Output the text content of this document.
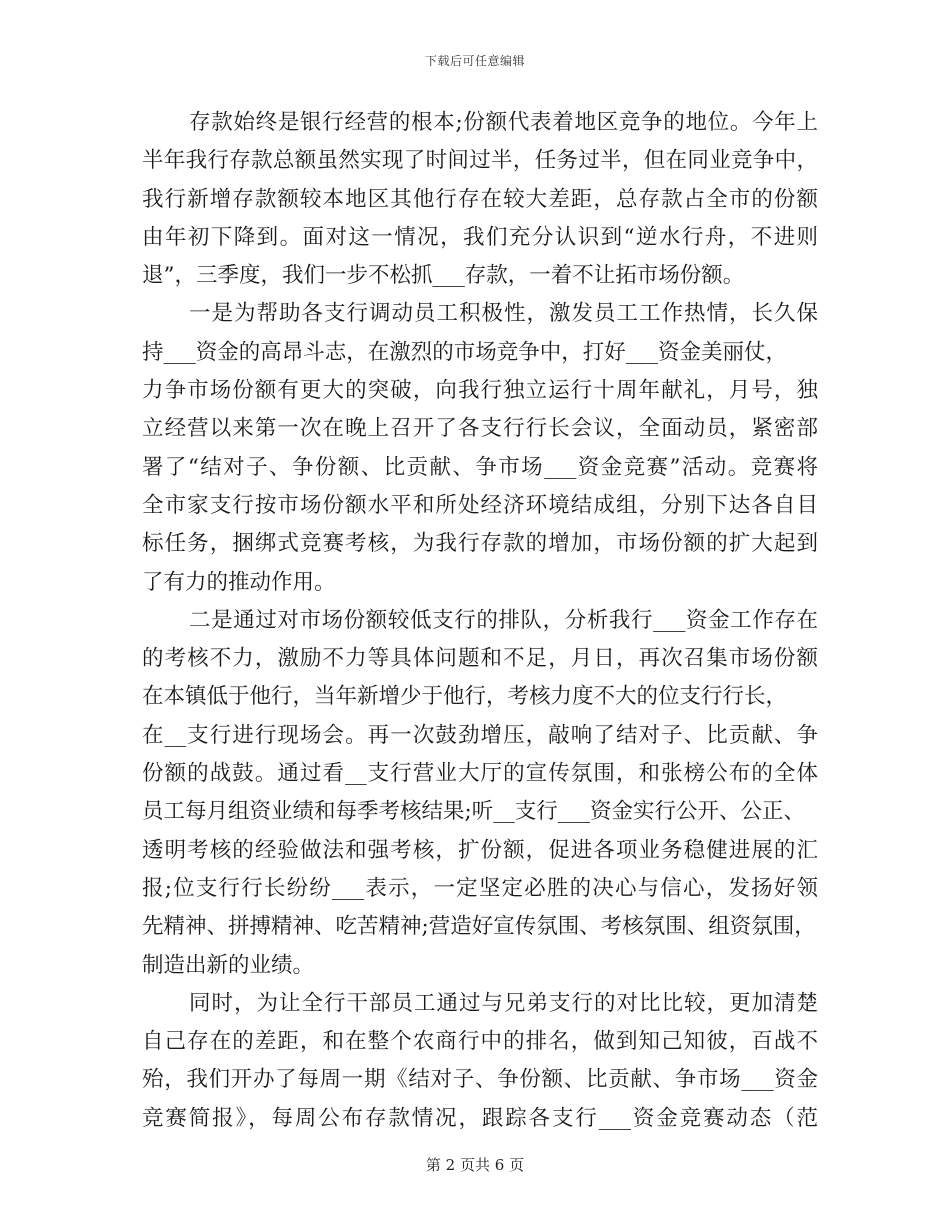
下载后可任意编辑
存款始终是银行经营的根本;份额代表着地区竞争的地位。今年上
半年我行存款总额虽然实现了时间过半，任务过半，但在同业竞争中，
我行新增存款额较本地区其他行存在较大差距，总存款占全市的份额
由年初下降到。面对这一情况，我们充分认识到“逆水行舟，不进则
退”，三季度，我们一步不松抓___存款，一着不让拓市场份额。
一是为帮助各支行调动员工积极性，激发员工工作热情，长久保
持___资金的高昂斗志，在激烈的市场竞争中，打好___资金美丽仗，
力争市场份额有更大的突破，向我行独立运行十周年献礼，月号，独
立经营以来第一次在晚上召开了各支行行长会议，全面动员，紧密部
署了“结对子、争份额、比贡献、争市场___资金竞赛”活动。竞赛将
全市家支行按市场份额水平和所处经济环境结成组，分别下达各自目
标任务，捆绑式竞赛考核，为我行存款的增加，市场份额的扩大起到
了有力的推动作用。
二是通过对市场份额较低支行的排队，分析我行___资金工作存在
的考核不力，激励不力等具体问题和不足，月日，再次召集市场份额
在本镇低于他行，当年新增少于他行，考核力度不大的位支行行长，
在__支行进行现场会。再一次鼓劲增压，敲响了结对子、比贡献、争
份额的战鼓。通过看__支行营业大厅的宣传氛围，和张榜公布的全体
员工每月组资业绩和每季考核结果;听__支行___资金实行公开、公正、
透明考核的经验做法和强考核，扩份额，促进各项业务稳健进展的汇
报;位支行行长纷纷___表示，一定坚定必胜的决心与信心，发扬好领
先精神、拼搏精神、吃苦精神;营造好宣传氛围、考核氛围、组资氛围，
制造出新的业绩。
同时，为让全行干部员工通过与兄弟支行的对比比较，更加清楚
自己存在的差距，和在整个农商行中的排名，做到知己知彼，百战不
殆，我们开办了每周一期《结对子、争份额、比贡献、争市场___资金
竞赛简报》，每周公布存款情况，跟踪各支行___资金竞赛动态（范
第 2 页共 6 页
